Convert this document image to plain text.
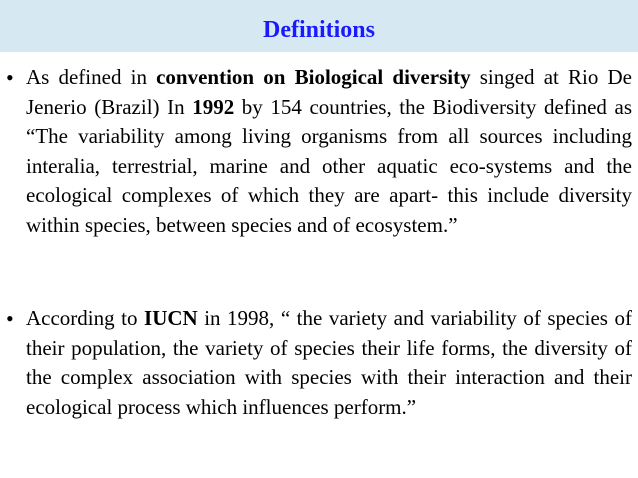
Definitions
• As defined in convention on Biological diversity singed at Rio De Jenerio (Brazil) In 1992 by 154 countries, the Biodiversity defined as “The variability among living organisms from all sources including interalia, terrestrial, marine and other aquatic eco-systems and the ecological complexes of which they are apart- this include diversity within species, between species and of ecosystem.”
• According to IUCN in 1998, “ the variety and variability of species of their population, the variety of species their life forms, the diversity of the complex association with species with their interaction and their ecological process which influences perform.”
